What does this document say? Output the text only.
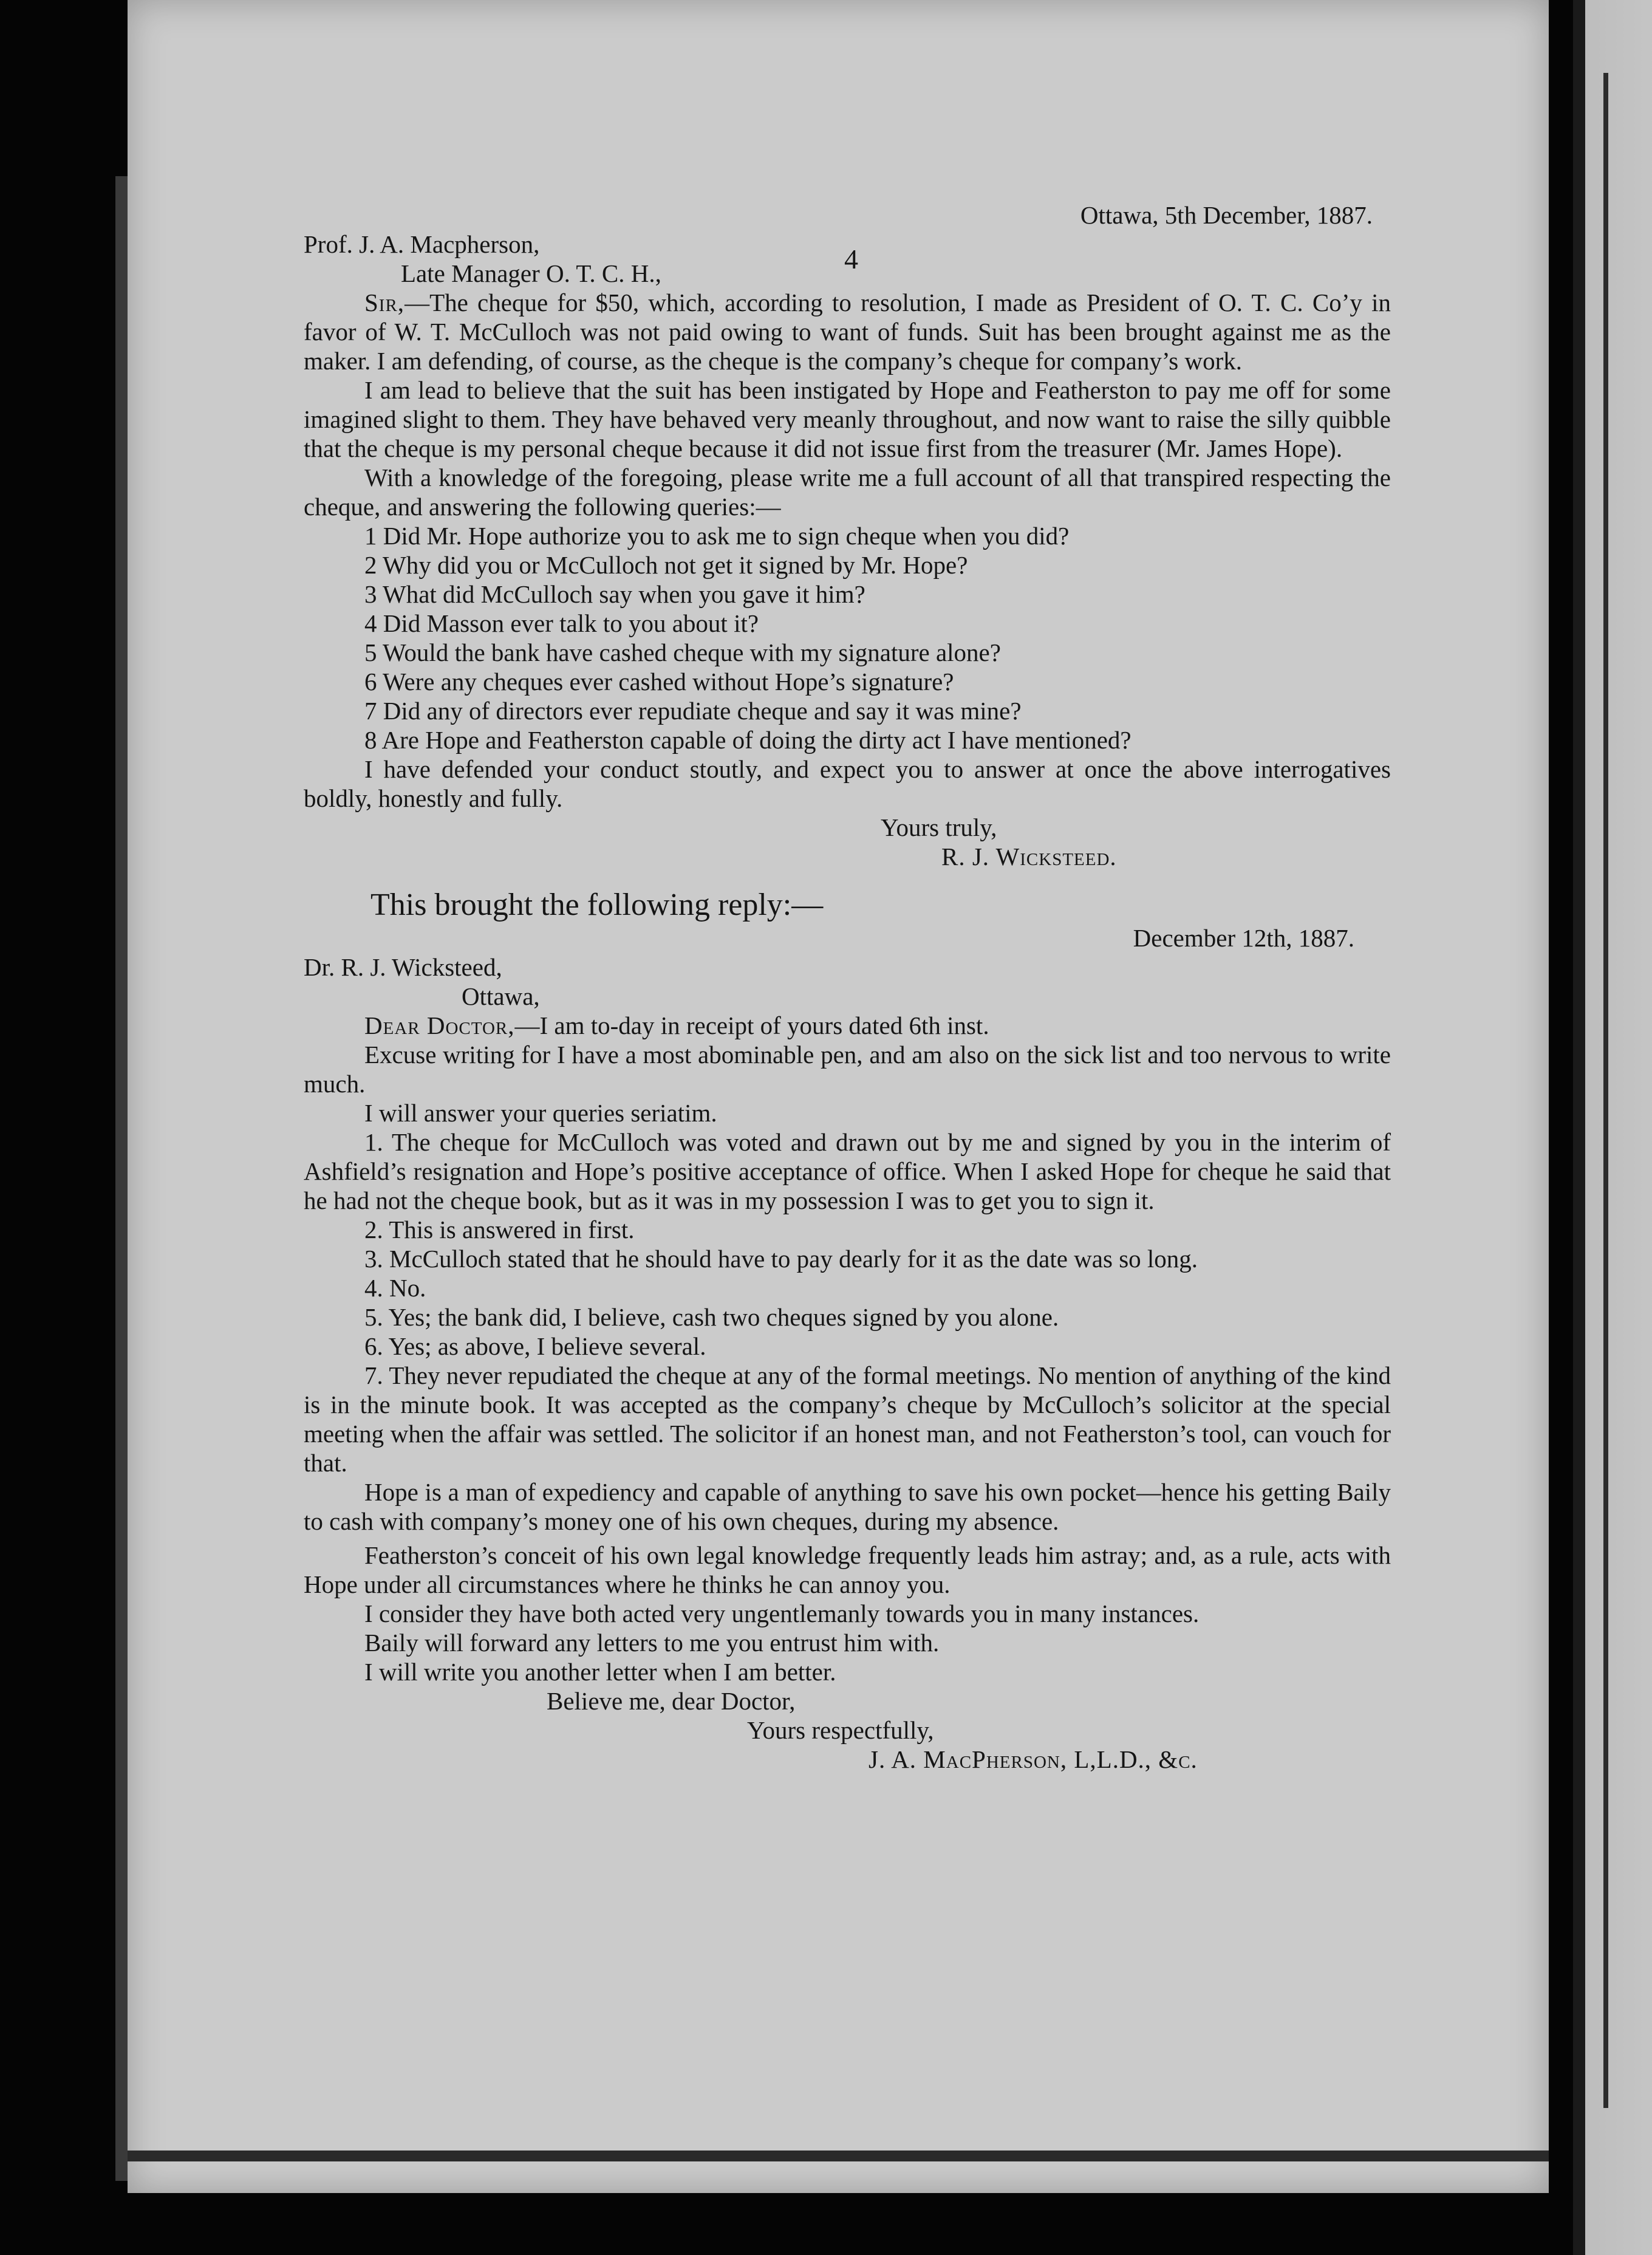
4

Ottawa, 5th December, 1887.

Prof. J. A. Macpherson,

Late Manager O. T. C. H.,

Sir,—The cheque for $50, which, according to resolution, I made as President of O. T. C. Co’y in favor of W. T. McCulloch was not paid owing to want of funds. Suit has been brought against me as the maker. I am defending, of course, as the cheque is the company’s cheque for company’s work.

I am lead to believe that the suit has been instigated by Hope and Featherston to pay me off for some imagined slight to them. They have behaved very meanly throughout, and now want to raise the silly quibble that the cheque is my personal cheque because it did not issue first from the treasurer (Mr. James Hope).

With a knowledge of the foregoing, please write me a full account of all that transpired respecting the cheque, and answering the following queries:—

1 Did Mr. Hope authorize you to ask me to sign cheque when you did?

2 Why did you or McCulloch not get it signed by Mr. Hope?

3 What did McCulloch say when you gave it him?

4 Did Masson ever talk to you about it?

5 Would the bank have cashed cheque with my signature alone?

6 Were any cheques ever cashed without Hope’s signature?

7 Did any of directors ever repudiate cheque and say it was mine?

8 Are Hope and Featherston capable of doing the dirty act I have mentioned?

I have defended your conduct stoutly, and expect you to answer at once the above interrogatives boldly, honestly and fully.

Yours truly,

R. J. Wicksteed.

This brought the following reply:—

December 12th, 1887.

Dr. R. J. Wicksteed,

Ottawa,

Dear Doctor,—I am to-day in receipt of yours dated 6th inst.

Excuse writing for I have a most abominable pen, and am also on the sick list and too nervous to write much.

I will answer your queries seriatim.

1. The cheque for McCulloch was voted and drawn out by me and signed by you in the interim of Ashfield’s resignation and Hope’s positive acceptance of office. When I asked Hope for cheque he said that he had not the cheque book, but as it was in my possession I was to get you to sign it.

2. This is answered in first.

3. McCulloch stated that he should have to pay dearly for it as the date was so long.

4. No.

5. Yes; the bank did, I believe, cash two cheques signed by you alone.

6. Yes; as above, I believe several.

7. They never repudiated the cheque at any of the formal meetings. No mention of anything of the kind is in the minute book. It was accepted as the company’s cheque by McCulloch’s solicitor at the special meeting when the affair was settled. The solicitor if an honest man, and not Featherston’s tool, can vouch for that.

Hope is a man of expediency and capable of anything to save his own pocket—hence his getting Baily to cash with company’s money one of his own cheques, during my absence.

Featherston’s conceit of his own legal knowledge frequently leads him astray; and, as a rule, acts with Hope under all circumstances where he thinks he can annoy you.

I consider they have both acted very ungentlemanly towards you in many instances.

Baily will forward any letters to me you entrust him with.

I will write you another letter when I am better.

Believe me, dear Doctor,

Yours respectfully,

J. A. MacPherson, L,L.D., &c.
